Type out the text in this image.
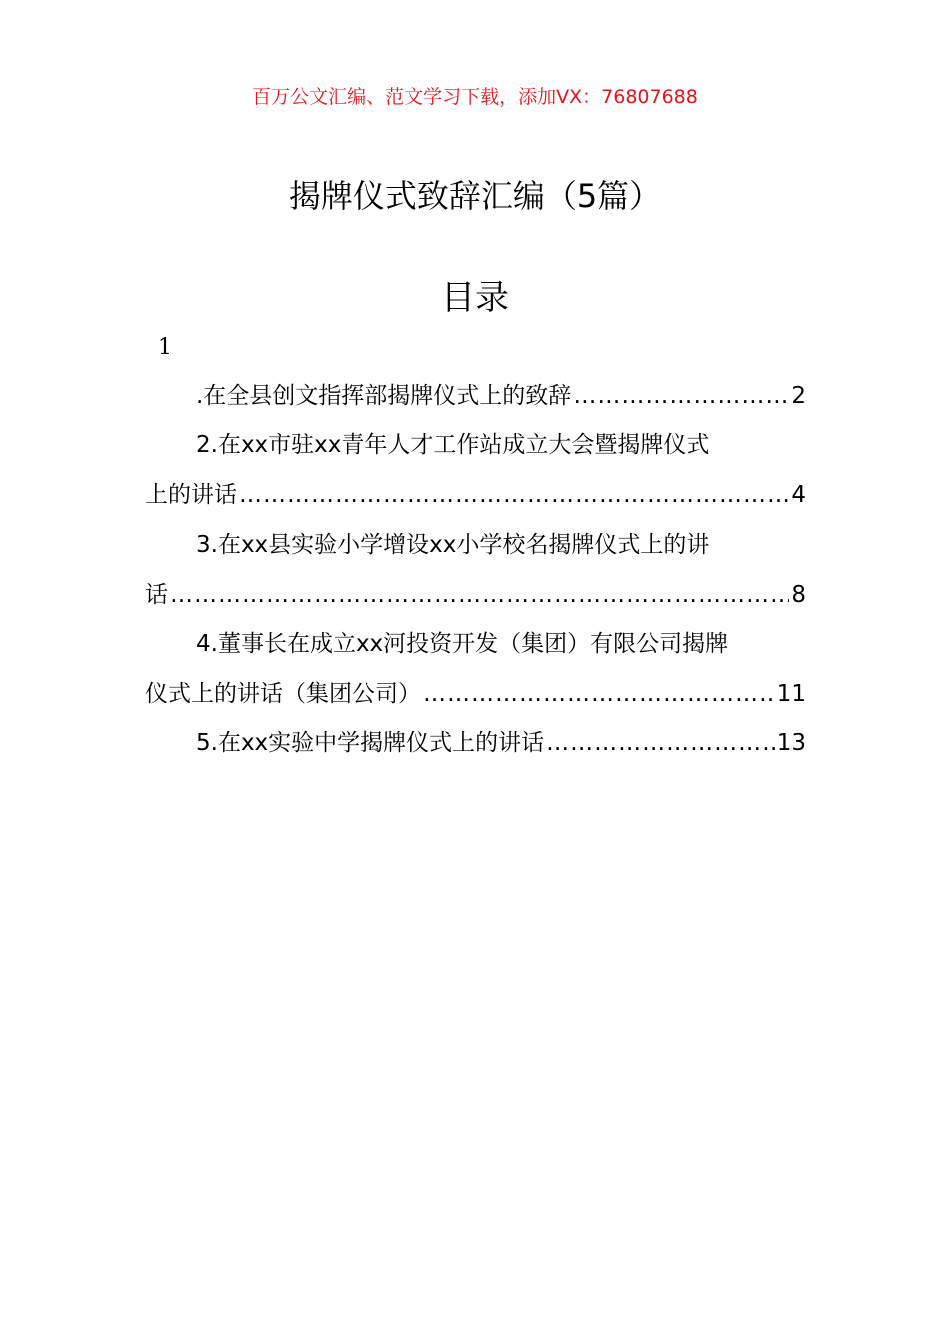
百万公文汇编、范文学习下载，添加VX：76807688
揭牌仪式致辞汇编（5篇）
目录
1
.在全县创文指挥部揭牌仪式上的致辞 ……………………………………………………………………………………………………………………………………………………	2
2.在xx市驻xx青年人才工作站成立大会暨揭牌仪式
上的讲话 ……………………………………………………………………………………………………………………………………………………	4
3.在xx县实验小学增设xx小学校名揭牌仪式上的讲
话 ……………………………………………………………………………………………………………………………………………………	8
4.董事长在成立xx河投资开发（集团）有限公司揭牌
仪式上的讲话（集团公司） ……………………………………………………………………………………………………………………………………………………	11
5.在xx实验中学揭牌仪式上的讲话 ……………………………………………………………………………………………………………………………………………………	13
